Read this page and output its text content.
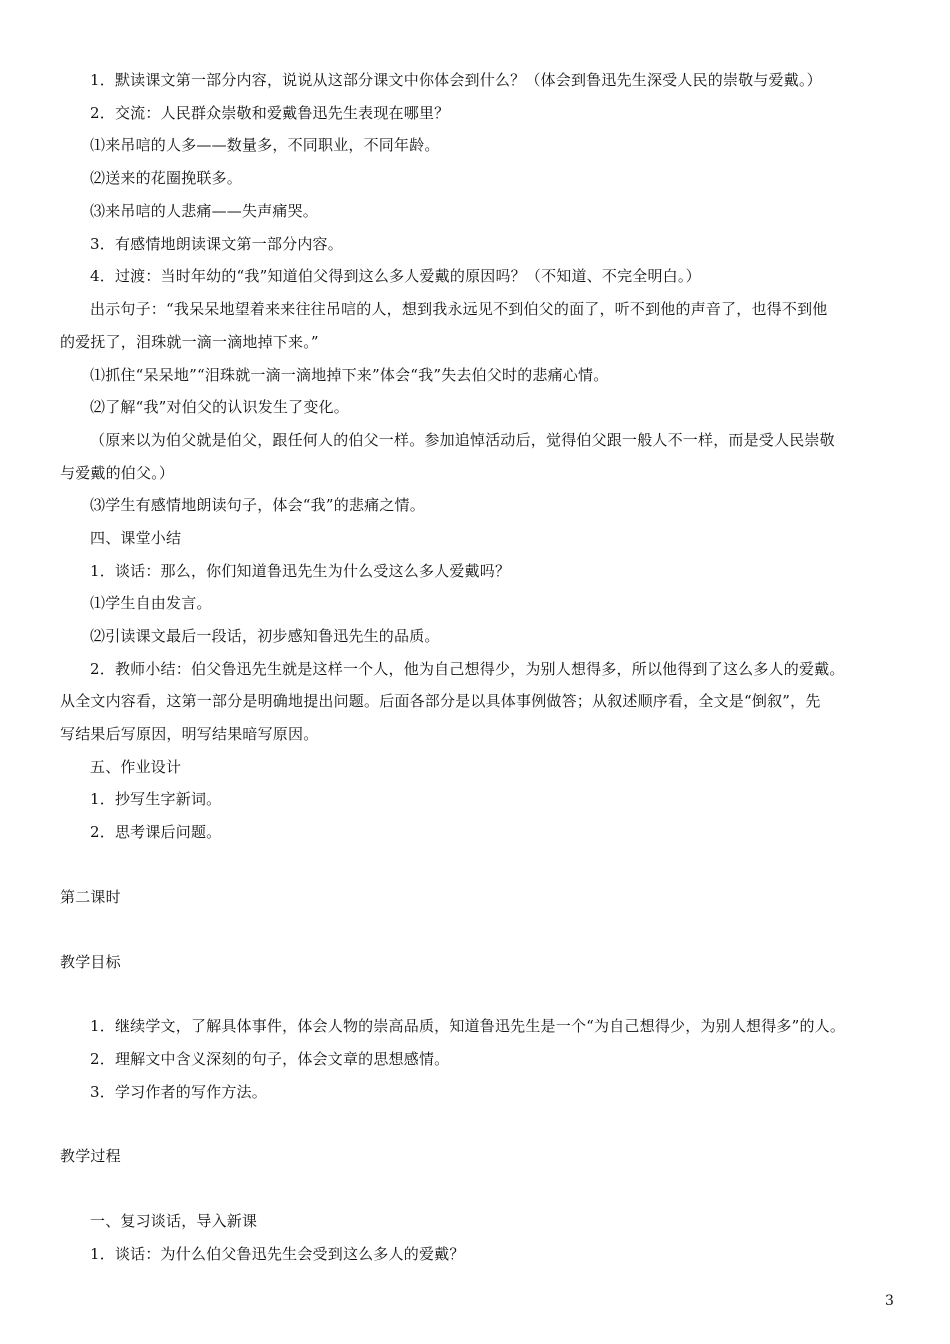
1．默读课文第一部分内容，说说从这部分课文中你体会到什么？（体会到鲁迅先生深受人民的崇敬与爱戴。）
2．交流：人民群众崇敬和爱戴鲁迅先生表现在哪里？
⑴来吊唁的人多——数量多，不同职业，不同年龄。
⑵送来的花圈挽联多。
⑶来吊唁的人悲痛——失声痛哭。
3．有感情地朗读课文第一部分内容。
4．过渡：当时年幼的“我”知道伯父得到这么多人爱戴的原因吗？（不知道、不完全明白。）
出示句子：“我呆呆地望着来来往往吊唁的人，想到我永远见不到伯父的面了，听不到他的声音了，也得不到他
的爱抚了，泪珠就一滴一滴地掉下来。”
⑴抓住“呆呆地”“泪珠就一滴一滴地掉下来”体会“我”失去伯父时的悲痛心情。
⑵了解“我”对伯父的认识发生了变化。
（原来以为伯父就是伯父，跟任何人的伯父一样。参加追悼活动后，觉得伯父跟一般人不一样，而是受人民崇敬
与爱戴的伯父。）
⑶学生有感情地朗读句子，体会“我”的悲痛之情。
四、课堂小结
1．谈话：那么，你们知道鲁迅先生为什么受这么多人爱戴吗？
⑴学生自由发言。
⑵引读课文最后一段话，初步感知鲁迅先生的品质。
2．教师小结：伯父鲁迅先生就是这样一个人，他为自己想得少，为别人想得多，所以他得到了这么多人的爱戴。
从全文内容看，这第一部分是明确地提出问题。后面各部分是以具体事例做答；从叙述顺序看，全文是“倒叙”，先
写结果后写原因，明写结果暗写原因。
五、作业设计
1．抄写生字新词。
2．思考课后问题。
第二课时
教学目标
1．继续学文，了解具体事件，体会人物的崇高品质，知道鲁迅先生是一个“为自己想得少，为别人想得多”的人。
2．理解文中含义深刻的句子，体会文章的思想感情。
3．学习作者的写作方法。
教学过程
一、复习谈话，导入新课
1．谈话：为什么伯父鲁迅先生会受到这么多人的爱戴？
3
